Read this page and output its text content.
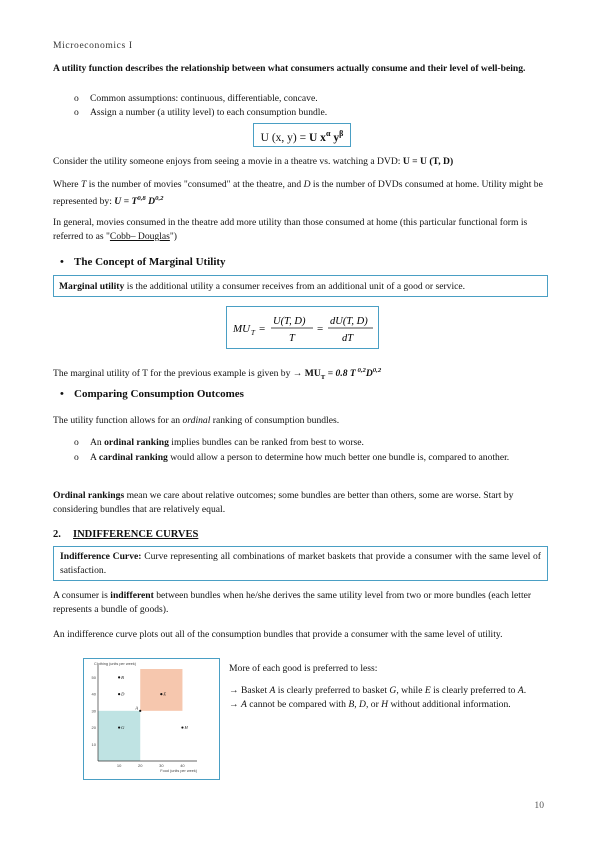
Microeconomics I
A utility function describes the relationship between what consumers actually consume and their level of well-being.
o Common assumptions: continuous, differentiable, concave.
o Assign a number (a utility level) to each consumption bundle.
U (x, y) = U $x^\alpha$ $y^\beta$
Consider the utility someone enjoys from seeing a movie in a theatre vs. watching a DVD: U = U (T, D)
Where T is the number of movies "consumed" at the theatre, and D is the number of DVDs consumed at home. Utility might be represented by: U = T$^{0,8}$ D$^{0,2}$
In general, movies consumed in the theatre add more utility than those consumed at home (this particular functional form is referred to as "Cobb– Douglas")
• The Concept of Marginal Utility
Marginal utility is the additional utility a consumer receives from an additional unit of a good or service.
MU T =
U(T, D)
T
=
dU(T, D)
dT
The marginal utility of T for the previous example is given by → $MU_T = 0.8$ T $^{0,2}D^{0,2}$
• Comparing Consumption Outcomes
The utility function allows for an ordinal ranking of consumption bundles.
o An ordinal ranking implies bundles can be ranked from best to worse.
o A cardinal ranking would allow a person to determine how much better one bundle is, compared to another.
Ordinal rankings mean we care about relative outcomes; some bundles are better than others, some are worse. Start by considering bundles that are relatively equal.
2. INDIFFERENCE CURVES
Indifference Curve: Curve representing all combinations of market baskets that provide a consumer with the same level of satisfaction.
A consumer is indifferent between bundles when he/she derives the same utility level from two or more bundles (each letter represents a bundle of goods).
An indifference curve plots out all of the consumption bundles that provide a consumer with the same level of utility.
10	20	30	40
10
20
30
40
50
Food (units per week)
Clothing (units per week)
A
B
D	E
G	H
More of each good is preferred to less:
→ Basket A is clearly preferred to basket G, while E is clearly preferred to A.
→ A cannot be compared with B, D, or H without additional information.
10
